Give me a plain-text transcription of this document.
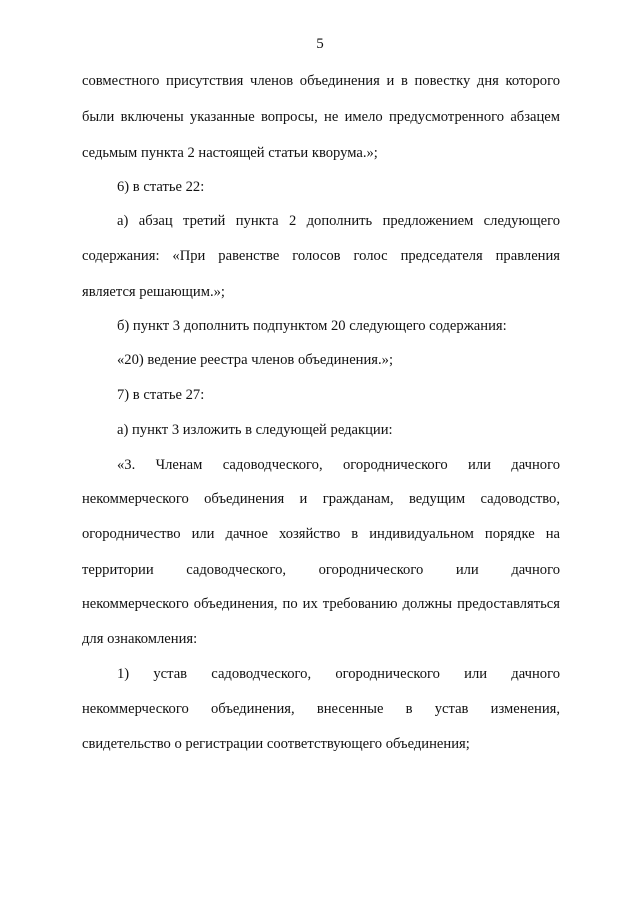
5
совместного присутствия членов объединения и в повестку дня которого
были включены указанные вопросы, не имело предусмотренного абзацем
седьмым пункта 2 настоящей статьи кворума.»;
6) в статье 22:
а) абзац третий пункта 2 дополнить предложением следующего
содержания: «При равенстве голосов голос председателя правления
является решающим.»;
б) пункт 3 дополнить подпунктом 20 следующего содержания:
«20) ведение реестра членов объединения.»;
7) в статье 27:
а) пункт 3 изложить в следующей редакции:
«3. Членам садоводческого, огороднического или дачного
некоммерческого объединения и гражданам, ведущим садоводство,
огородничество или дачное хозяйство в индивидуальном порядке на
территории садоводческого, огороднического или дачного
некоммерческого объединения, по их требованию должны предоставляться
для ознакомления:
1) устав садоводческого, огороднического или дачного
некоммерческого объединения, внесенные в устав изменения,
свидетельство о регистрации соответствующего объединения;
